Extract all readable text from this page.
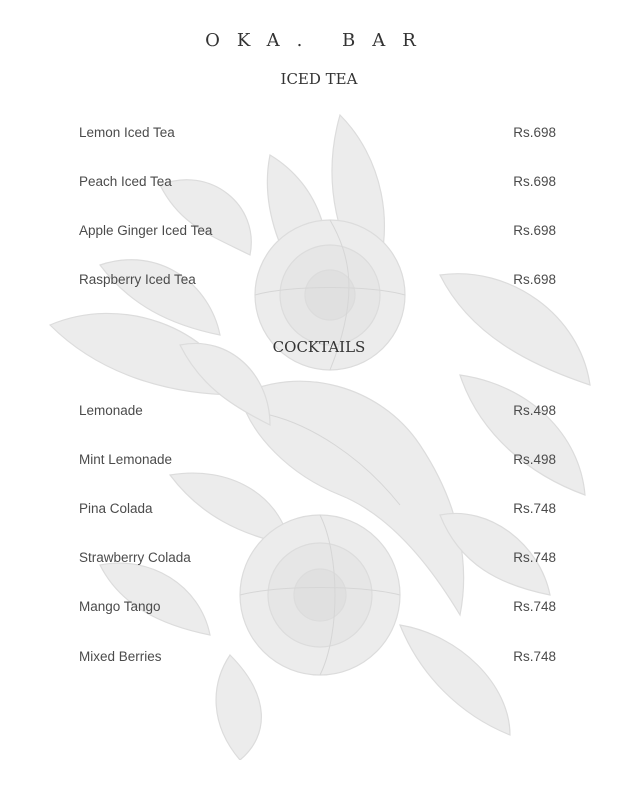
OKA. BAR
ICED TEA
Lemon Iced Tea	Rs.698
Peach Iced Tea	Rs.698
Apple Ginger Iced Tea	Rs.698
Raspberry Iced Tea	Rs.698
COCKTAILS
Lemonade	Rs.498
Mint Lemonade	Rs.498
Pina Colada	Rs.748
Strawberry Colada	Rs.748
Mango Tango	Rs.748
Mixed Berries	Rs.748
